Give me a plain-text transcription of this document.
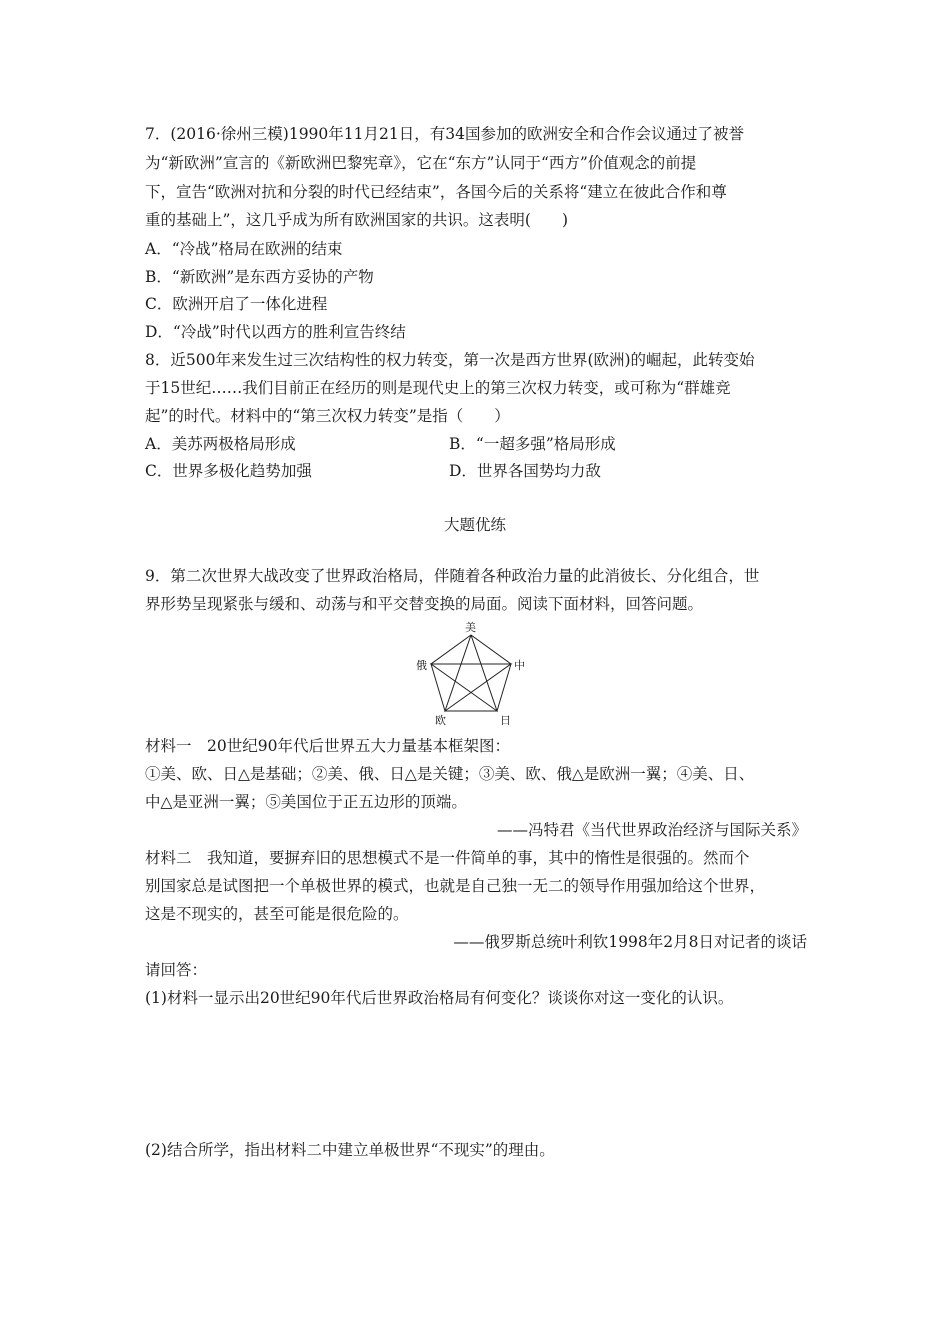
7．(2016·徐州三模)1990年11月21日，有34国参加的欧洲安全和合作会议通过了被誉
为“新欧洲”宣言的《新欧洲巴黎宪章》，它在“东方”认同于“西方”价值观念的前提
下，宣告“欧洲对抗和分裂的时代已经结束”，各国今后的关系将“建立在彼此合作和尊
重的基础上”，这几乎成为所有欧洲国家的共识。这表明(　　)
A．“冷战”格局在欧洲的结束
B．“新欧洲”是东西方妥协的产物
C．欧洲开启了一体化进程
D．“冷战”时代以西方的胜利宣告终结
8．近500年来发生过三次结构性的权力转变，第一次是西方世界(欧洲)的崛起，此转变始
于15世纪……我们目前正在经历的则是现代史上的第三次权力转变，或可称为“群雄竞
起”的时代。材料中的“第三次权力转变”是指（　　）
A．美苏两极格局形成	B．“一超多强”格局形成
C．世界多极化趋势加强	D．世界各国势均力敌
大题优练
9．第二次世界大战改变了世界政治格局，伴随着各种政治力量的此消彼长、分化组合，世
界形势呈现紧张与缓和、动荡与和平交替变换的局面。阅读下面材料，回答问题。
美
俄	中
欧	日
材料一　20世纪90年代后世界五大力量基本框架图：
①美、欧、日△是基础；②美、俄、日△是关键；③美、欧、俄△是欧洲一翼；④美、日、
中△是亚洲一翼；⑤美国位于正五边形的顶端。
——冯特君《当代世界政治经济与国际关系》
材料二　我知道，要摒弃旧的思想模式不是一件简单的事，其中的惰性是很强的。然而个
别国家总是试图把一个单极世界的模式，也就是自己独一无二的领导作用强加给这个世界，
这是不现实的，甚至可能是很危险的。
——俄罗斯总统叶利钦1998年2月8日对记者的谈话
请回答：
(1)材料一显示出20世纪90年代后世界政治格局有何变化？谈谈你对这一变化的认识。
(2)结合所学，指出材料二中建立单极世界“不现实”的理由。
